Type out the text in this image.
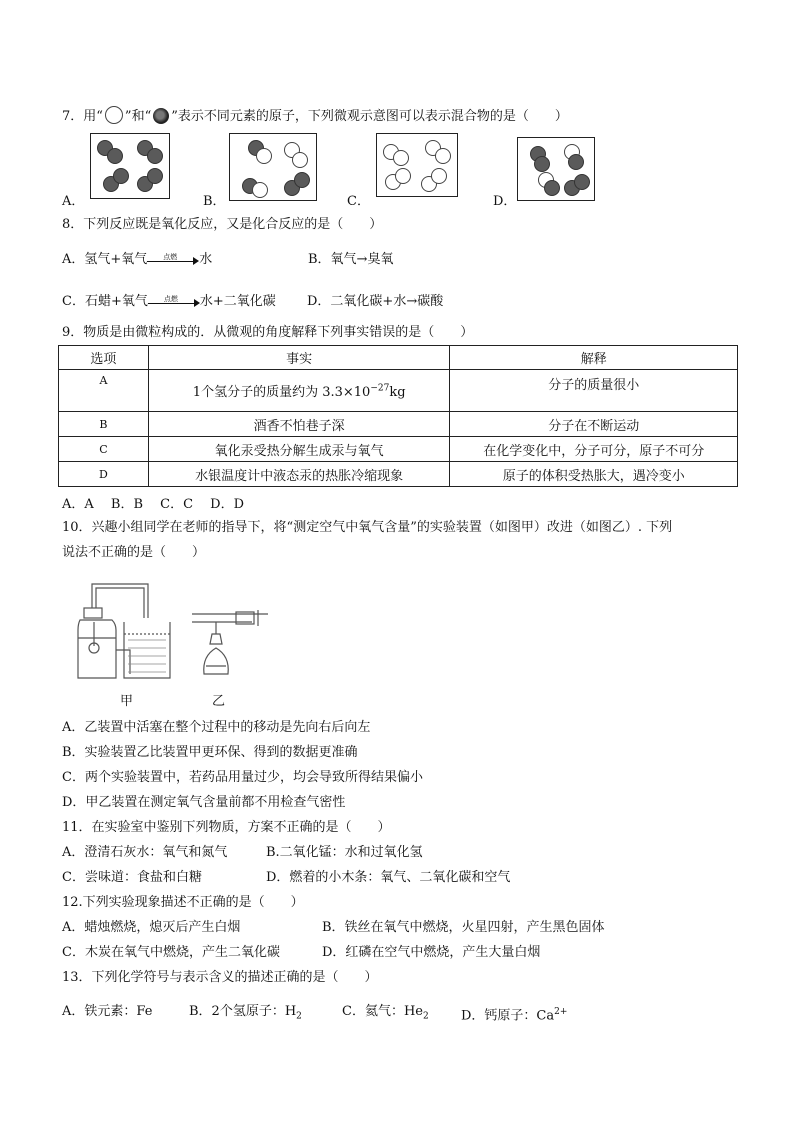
7．用“ ”和“ ”表示不同元素的原子，下列微观示意图可以表示混合物的是（　　）
A．	B．	C．	D．
8．下列反应既是氧化反应，又是化合反应的是（　　）
A．氢气+氧气 点燃 水	B．氧气→臭氧
C．石蜡+氧气 点燃 水+二氧化碳 D．二氧化碳+水→碳酸
9．物质是由微粒构成的．从微观的角度解释下列事实错误的是（　　）
选项	事实	解释
A	1个氢分子的质量约为 $3.3\times 10^{-27}kg$	分子的质量很小
B	酒香不怕巷子深	分子在不断运动
C	氧化汞受热分解生成汞与氧气	在化学变化中，分子可分，原子不可分
D	水银温度计中液态汞的热胀冷缩现象	原子的体积受热胀大，遇冷变小
A．A　 B．B　 C．C　 D．D
10．兴趣小组同学在老师的指导下，将“测定空气中氧气含量”的实验装置（如图甲）改进（如图乙）. 下列
说法不正确的是（　　）
甲	乙
A．乙装置中活塞在整个过程中的移动是先向右后向左
B．实验装置乙比装置甲更环保、得到的数据更准确
C．两个实验装置中，若药品用量过少，均会导致所得结果偏小
D．甲乙装置在测定氧气含量前都不用检查气密性
11．在实验室中鉴别下列物质，方案不正确的是（　　）
A．澄清石灰水：氧气和氮气	B.二氧化锰：水和过氧化氢
C．尝味道：食盐和白糖	D．燃着的小木条：氧气、二氧化碳和空气
12.下列实验现象描述不正确的是（　　）
A．蜡烛燃烧，熄灭后产生白烟	B．铁丝在氧气中燃烧，火星四射，产生黑色固体
C．木炭在氧气中燃烧，产生二氧化碳	D．红磷在空气中燃烧，产生大量白烟
13．下列化学符号与表示含义的描述正确的是（　　）
A．铁元素：Fe	B．2个氢原子：$H_2$	C．氦气：$He_2$ D．钙原子：$Ca^{2+}$
